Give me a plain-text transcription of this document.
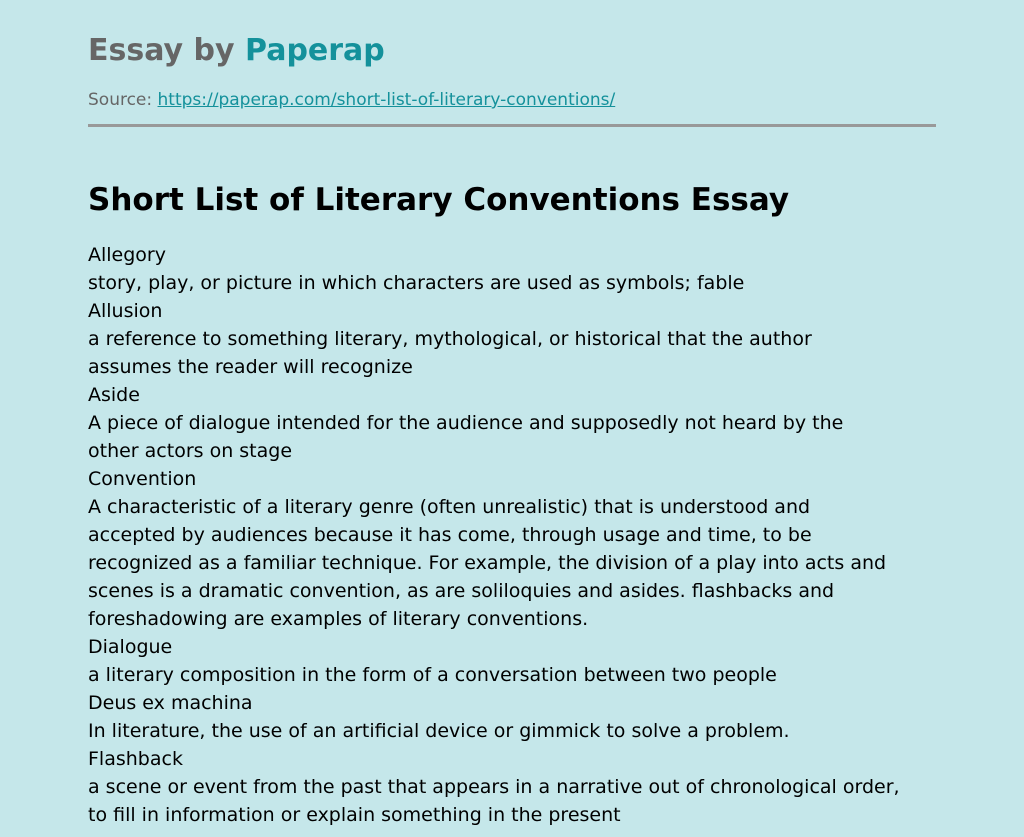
Essay by Paperap
Source: https://paperap.com/short-list-of-literary-conventions/
Short List of Literary Conventions Essay
Allegory
story, play, or picture in which characters are used as symbols; fable
Allusion
a reference to something literary, mythological, or historical that the author
assumes the reader will recognize
Aside
A piece of dialogue intended for the audience and supposedly not heard by the
other actors on stage
Convention
A characteristic of a literary genre (often unrealistic) that is understood and
accepted by audiences because it has come, through usage and time, to be
recognized as a familiar technique. For example, the division of a play into acts and
scenes is a dramatic convention, as are soliloquies and asides. flashbacks and
foreshadowing are examples of literary conventions.
Dialogue
a literary composition in the form of a conversation between two people
Deus ex machina
In literature, the use of an artificial device or gimmick to solve a problem.
Flashback
a scene or event from the past that appears in a narrative out of chronological order,
to fill in information or explain something in the present
